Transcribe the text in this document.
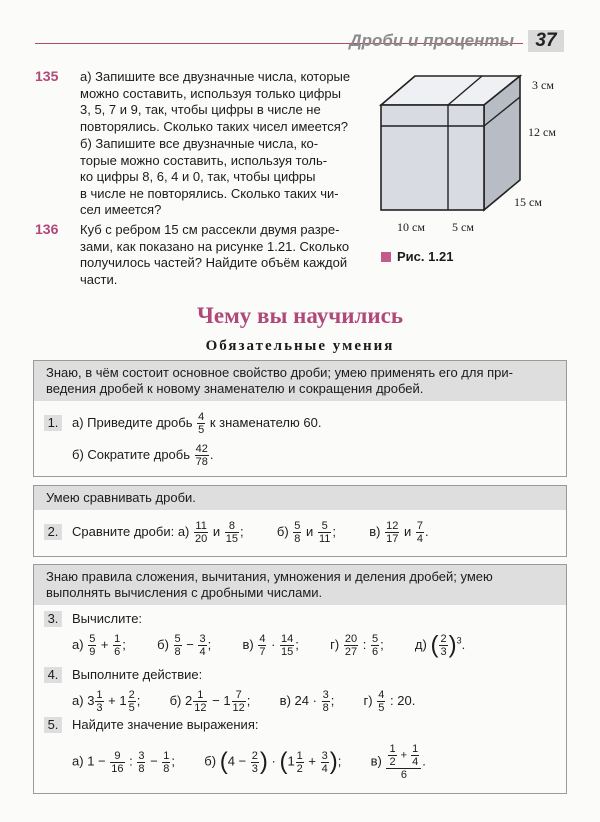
Дроби и проценты	37
135 а) Запишите все двузначные числа, которые
можно составить, используя только цифры
3, 5, 7 и 9, так, чтобы цифры в числе не
повторялись. Сколько таких чисел имеется?
б) Запишите все двузначные числа, ко-
торые можно составить, используя толь-
ко цифры 8, 6, 4 и 0, так, чтобы цифры
в числе не повторялись. Сколько таких чи-
сел имеется?
136 Куб с ребром 15 см рассекли двумя разре-
зами, как показано на рисунке 1.21. Сколько
получилось частей? Найдите объём каждой
части.
3 см
12 см
15 см
10 см 5 см
Рис. 1.21
Чему вы научились
Обязательные умения
Знаю, в чём состоит основное свойство дроби; умею применять его для при-
ведения дробей к новому знаменателю и сокращения дробей.
1. а) Приведите дробь $\frac{4}{5}$ к знаменателю 60.
б) Сократите дробь $\frac{42}{78}$ .
Умею сравнивать дроби.
2. Сравните дроби: $а) \frac{11}{20}$ и $\frac{8}{15}$ ;  $б) \frac{5}{8}$ и $\frac{5}{11}$ ;  $в) \frac{12}{17}$ и $\frac{7}{4}$ .
Знаю правила сложения, вычитания, умножения и деления дробей; умею
выполнять вычисления с дробными числами.
3. Вычислите:
$а) \frac{5}{9} + \frac{1}{6}$ ;  $б) \frac{5}{8} - \frac{3}{4}$ ;  $в) \frac{4}{7} \cdot \frac{14}{15}$ ;  $г) \frac{20}{27}$ : $\frac{5}{6}$ ;  д) ( $\frac{2}{3} )^3$.
4. Выполните действие:
а) $3 \frac{1}{3} + 1 \frac{2}{5}$ ;  б) $2 \frac{1}{12} - 1 \frac{7}{12}$ ;  в) $24 \cdot \frac{3}{8}$ ;  $г) \frac{4}{5}$ : 20.
5. Найдите значение выражения:
а) $1 - \frac{9}{16}$ : $\frac{3}{8} - \frac{1}{8}$ ;  б) ($4 - \frac{2}{3}$ ) · ($1 \frac{1}{2} + \frac{3}{4}$ );  $в) \frac{\frac{1}{2} + \frac{1}{4}}{6}$ .
